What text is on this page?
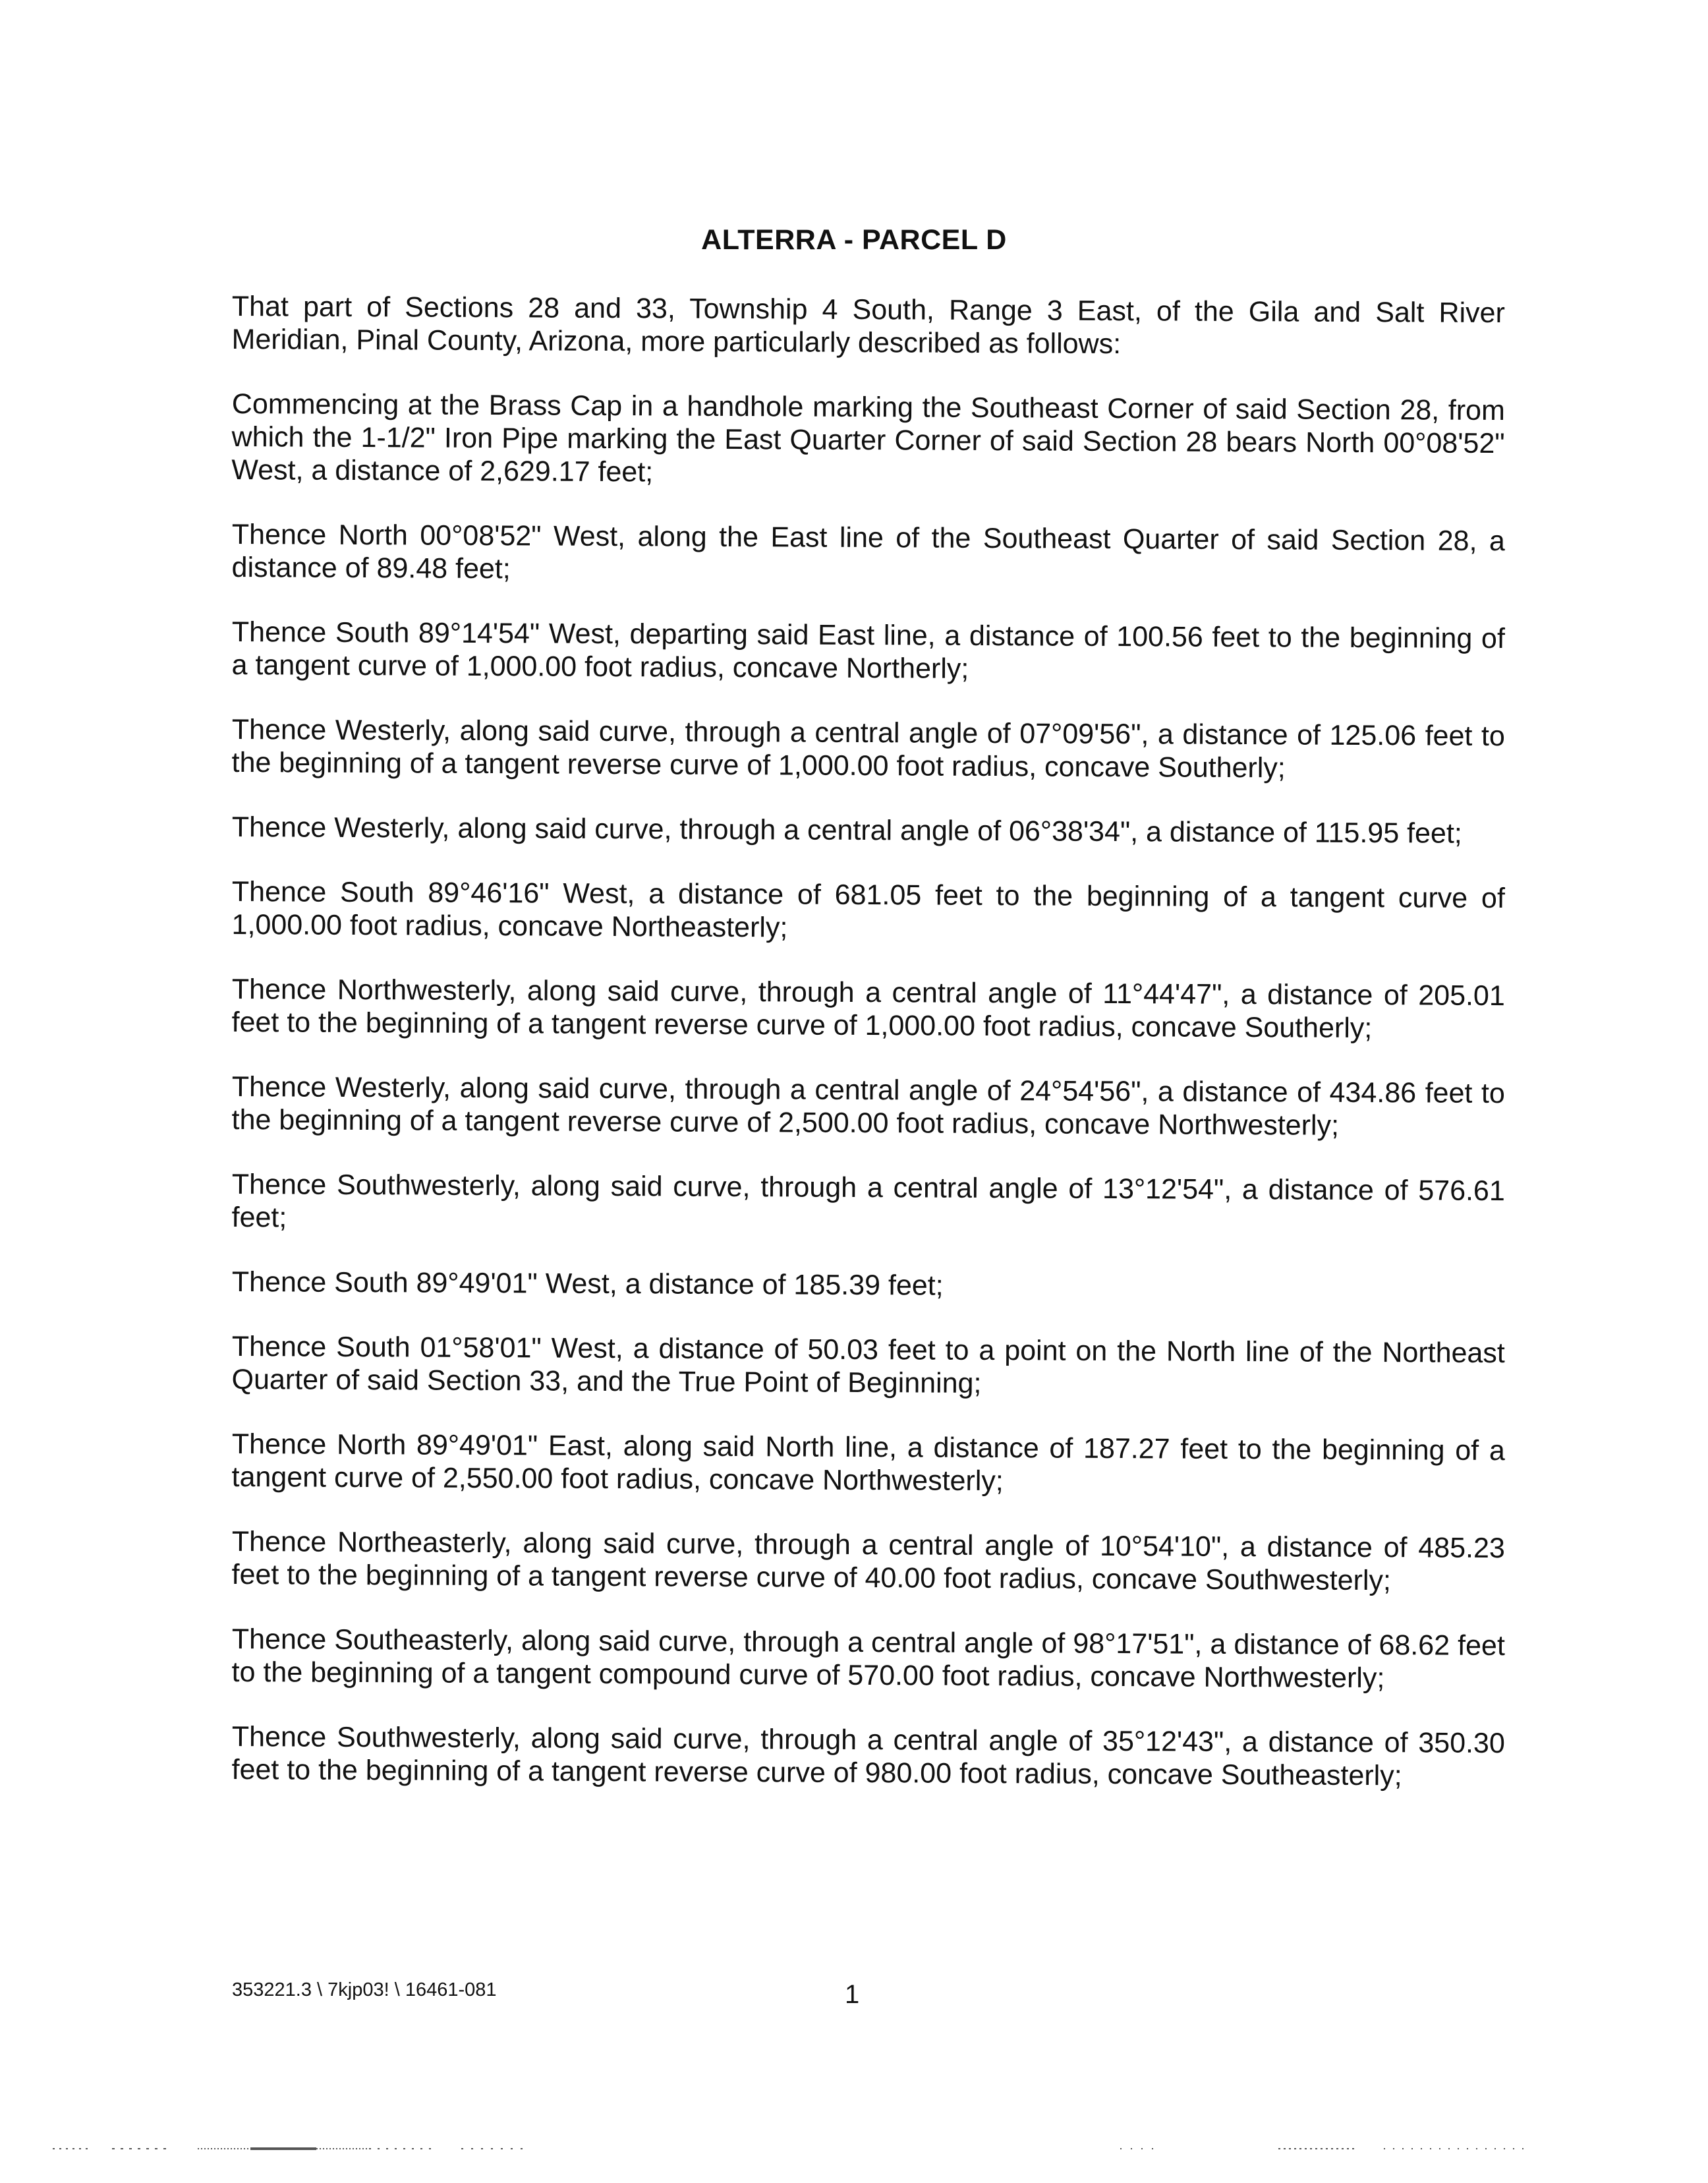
ALTERRA - PARCEL D

That part of Sections 28 and 33, Township 4 South, Range 3 East, of the Gila and Salt River Meridian, Pinal County, Arizona, more particularly described as follows:

Commencing at the Brass Cap in a handhole marking the Southeast Corner of said Section 28, from which the 1-1/2" Iron Pipe marking the East Quarter Corner of said Section 28 bears North 00°08'52" West, a distance of 2,629.17 feet;

Thence North 00°08'52" West, along the East line of the Southeast Quarter of said Section 28, a distance of 89.48 feet;

Thence South 89°14'54" West, departing said East line, a distance of 100.56 feet to the beginning of a tangent curve of 1,000.00 foot radius, concave Northerly;

Thence Westerly, along said curve, through a central angle of 07°09'56", a distance of 125.06 feet to the beginning of a tangent reverse curve of 1,000.00 foot radius, concave Southerly;

Thence Westerly, along said curve, through a central angle of 06°38'34", a distance of 115.95 feet;

Thence South 89°46'16" West, a distance of 681.05 feet to the beginning of a tangent curve of 1,000.00 foot radius, concave Northeasterly;

Thence Northwesterly, along said curve, through a central angle of 11°44'47", a distance of 205.01 feet to the beginning of a tangent reverse curve of 1,000.00 foot radius, concave Southerly;

Thence Westerly, along said curve, through a central angle of 24°54'56", a distance of 434.86 feet to the beginning of a tangent reverse curve of 2,500.00 foot radius, concave Northwesterly;

Thence Southwesterly, along said curve, through a central angle of 13°12'54", a distance of 576.61 feet;

Thence South 89°49'01" West, a distance of 185.39 feet;

Thence South 01°58'01" West, a distance of 50.03 feet to a point on the North line of the Northeast Quarter of said Section 33, and the True Point of Beginning;

Thence North 89°49'01" East, along said North line, a distance of 187.27 feet to the beginning of a tangent curve of 2,550.00 foot radius, concave Northwesterly;

Thence Northeasterly, along said curve, through a central angle of 10°54'10", a distance of 485.23 feet to the beginning of a tangent reverse curve of 40.00 foot radius, concave Southwesterly;

Thence Southeasterly, along said curve, through a central angle of 98°17'51", a distance of 68.62 feet to the beginning of a tangent compound curve of 570.00 foot radius, concave Northwesterly;

Thence Southwesterly, along said curve, through a central angle of 35°12'43", a distance of 350.30 feet to the beginning of a tangent reverse curve of 980.00 foot radius, concave Southeasterly;

353221.3 \ 7kjp03! \ 16461-081	1
